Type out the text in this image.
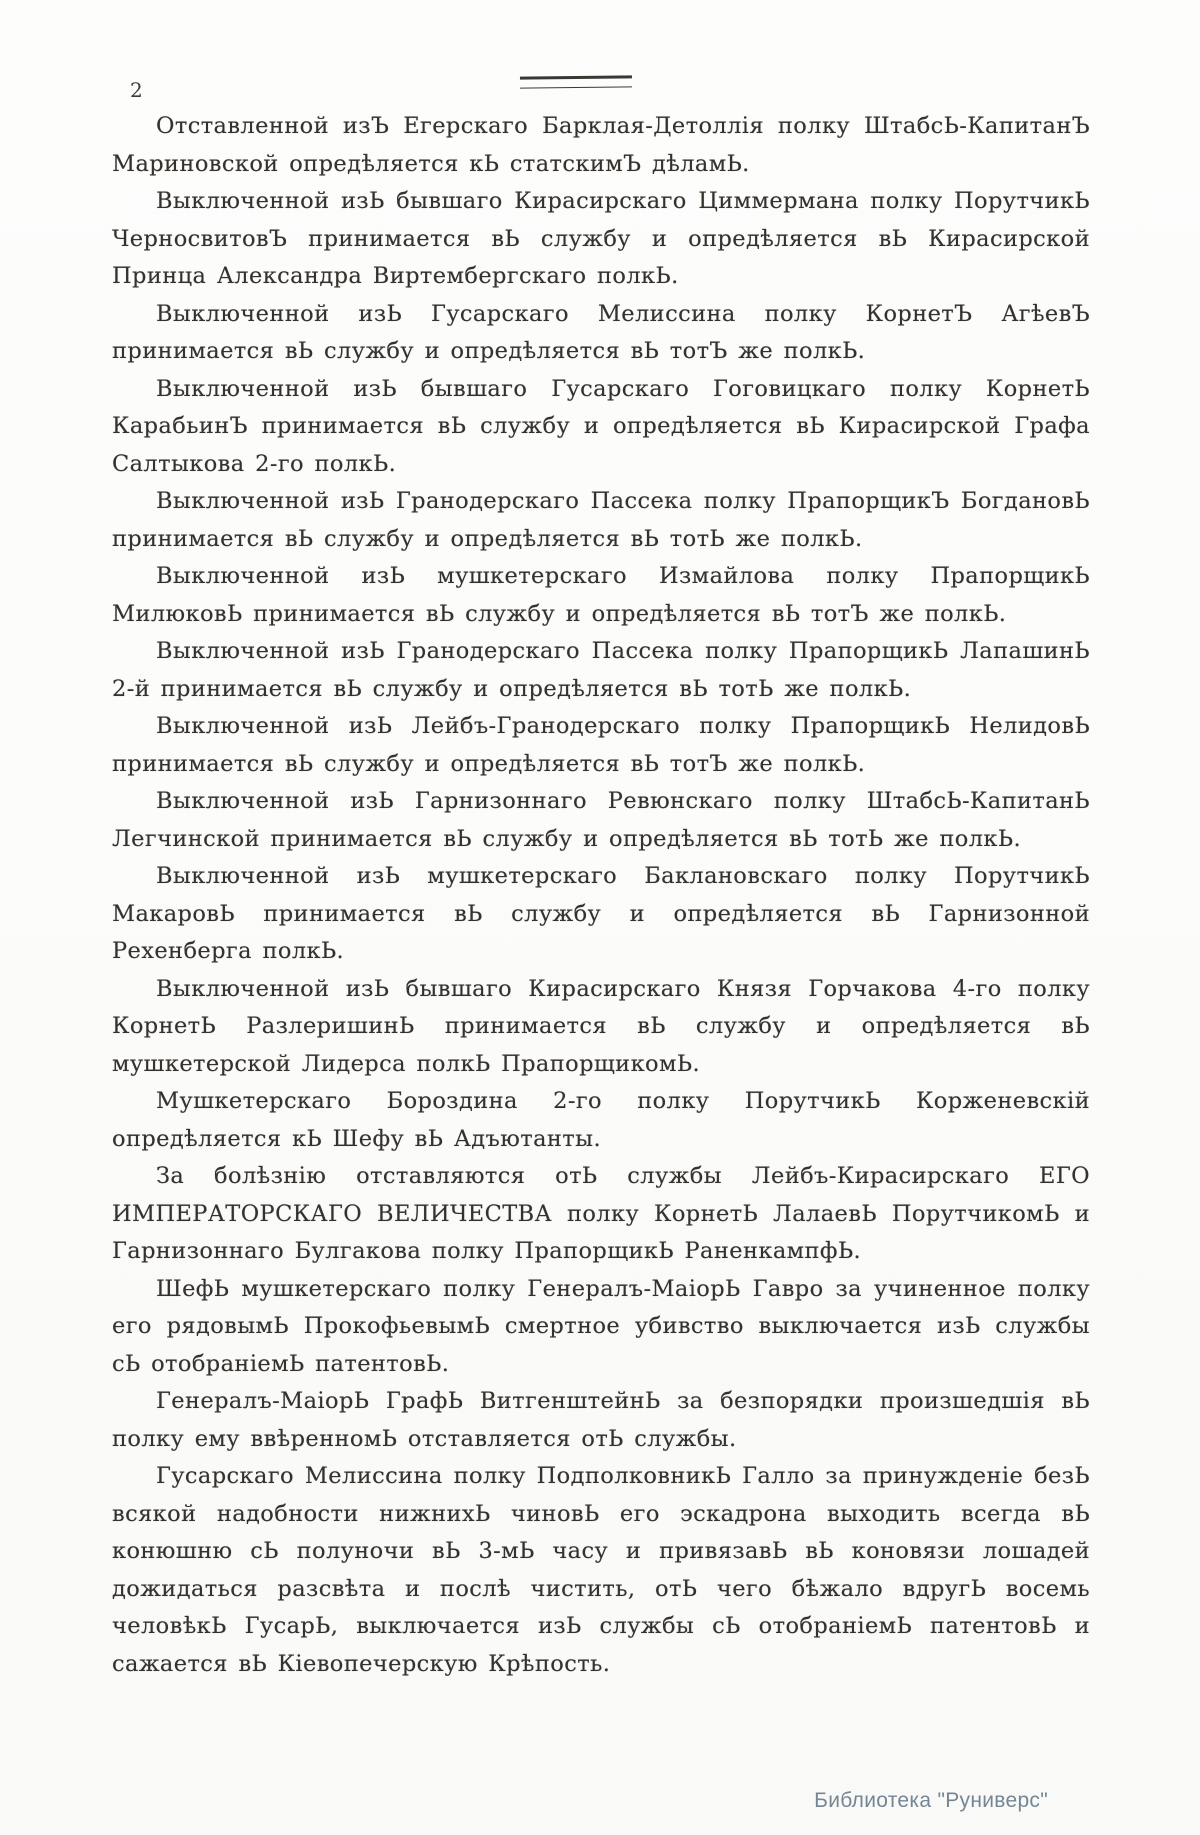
2

Отставленной изЪ Егерскаго Барклая-Детоллія полку ШтабсЬ-КапитанЪ Мариновской опредѣляется кЬ статскимЪ дѣламЬ.

Выключенной изЬ бывшаго Кирасирскаго Циммермана полку ПорутчикЬ ЧерносвитовЪ принимается вЬ службу и опредѣляется вЬ Кирасирской Принца Александра Виртембергскаго полкЬ.

Выключенной изЬ Гусарскаго Мелиссина полку КорнетЪ АгѣевЪ принимается вЬ службу и опредѣляется вЬ тотЪ же полкЬ.

Выключенной изЬ бывшаго Гусарскаго Гоговицкаго полку КорнетЬ КарабьинЪ принимается вЬ службу и опредѣляется вЬ Кирасирской Графа Салтыкова 2-го полкЬ.

Выключенной изЬ Гранодерскаго Пассека полку ПрапорщикЪ БогдановЬ принимается вЬ службу и опредѣляется вЬ тотЬ же полкЬ.

Выключенной изЬ мушкетерскаго Измайлова полку ПрапорщикЬ МилюковЬ принимается вЬ службу и опредѣляется вЬ тотЪ же полкЬ.

Выключенной изЬ Гранодерскаго Пассека полку ПрапорщикЬ ЛапашинЬ 2-й принимается вЬ службу и опредѣляется вЬ тотЬ же полкЬ.

Выключенной изЬ Лейбъ-Гранодерскаго полку ПрапорщикЬ НелидовЬ принимается вЬ службу и опредѣляется вЬ тотЪ же полкЬ.

Выключенной изЬ Гарнизоннаго Ревюнскаго полку ШтабсЬ-КапитанЬ Легчинской принимается вЬ службу и опредѣляется вЬ тотЬ же полкЬ.

Выключенной изЬ мушкетерскаго Баклановскаго полку ПорутчикЬ МакаровЬ принимается вЬ службу и опредѣляется вЬ Гарнизонной Рехенберга полкЬ.

Выключенной изЬ бывшаго Кирасирскаго Князя Горчакова 4-го полку КорнетЬ РазлеришинЬ принимается вЬ службу и опредѣляется вЬ мушкетерской Лидерса полкЬ ПрапорщикомЬ.

Мушкетерскаго Бороздина 2-го полку ПорутчикЬ Корженевскій опредѣляется кЬ Шефу вЬ Адъютанты.

За болѣзнію отставляются отЬ службы Лейбъ-Кирасирскаго ЕГО ИМПЕРАТОРСКАГО ВЕЛИЧЕСТВА полку КорнетЬ ЛалаевЬ ПорутчикомЬ и Гарнизоннаго Булгакова полку ПрапорщикЬ РаненкампфЬ.

ШефЬ мушкетерскаго полку Генералъ-МаіорЬ Гавро за учиненное полку его рядовымЬ ПрокофьевымЬ смертное убивство выключается изЬ службы сЬ отобраніемЬ патентовЬ.

Генералъ-МаіорЬ ГрафЬ ВитгенштейнЬ за безпорядки произшедшія вЬ полку ему ввѣренномЬ отставляется отЬ службы.

Гусарскаго Мелиссина полку ПодполковникЬ Галло за принужденіе безЬ всякой надобности нижнихЬ чиновЬ его эскадрона выходить всегда вЬ конюшню сЬ полуночи вЬ 3-мЬ часу и привязавЬ вЬ коновязи лошадей дожидаться разсвѣта и послѣ чистить, отЬ чего бѣжало вдругЬ восемь человѣкЬ ГусарЬ, выключается изЬ службы сЬ отобраніемЬ патентовЬ и сажается вЬ Кіевопечерскую Крѣпость.

Библиотека "Руниверс"
